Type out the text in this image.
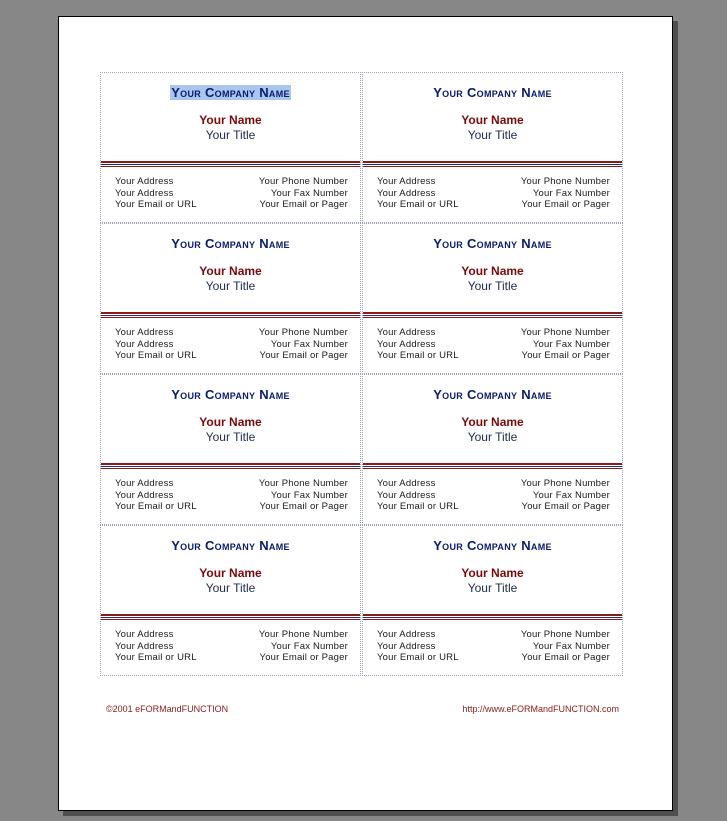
Your Company Name
Your Name
Your Title
Your Address
Your Address
Your Email or URL
Your Phone Number
Your Fax Number
Your Email or Pager
Your Company Name
Your Name
Your Title
Your Address
Your Address
Your Email or URL
Your Phone Number
Your Fax Number
Your Email or Pager
Your Company Name
Your Name
Your Title
Your Address
Your Address
Your Email or URL
Your Phone Number
Your Fax Number
Your Email or Pager
Your Company Name
Your Name
Your Title
Your Address
Your Address
Your Email or URL
Your Phone Number
Your Fax Number
Your Email or Pager
Your Company Name
Your Name
Your Title
Your Address
Your Address
Your Email or URL
Your Phone Number
Your Fax Number
Your Email or Pager
Your Company Name
Your Name
Your Title
Your Address
Your Address
Your Email or URL
Your Phone Number
Your Fax Number
Your Email or Pager
Your Company Name
Your Name
Your Title
Your Address
Your Address
Your Email or URL
Your Phone Number
Your Fax Number
Your Email or Pager
Your Company Name
Your Name
Your Title
Your Address
Your Address
Your Email or URL
Your Phone Number
Your Fax Number
Your Email or Pager
©2001 eFORMandFUNCTION	http://www.eFORMandFUNCTION.com
